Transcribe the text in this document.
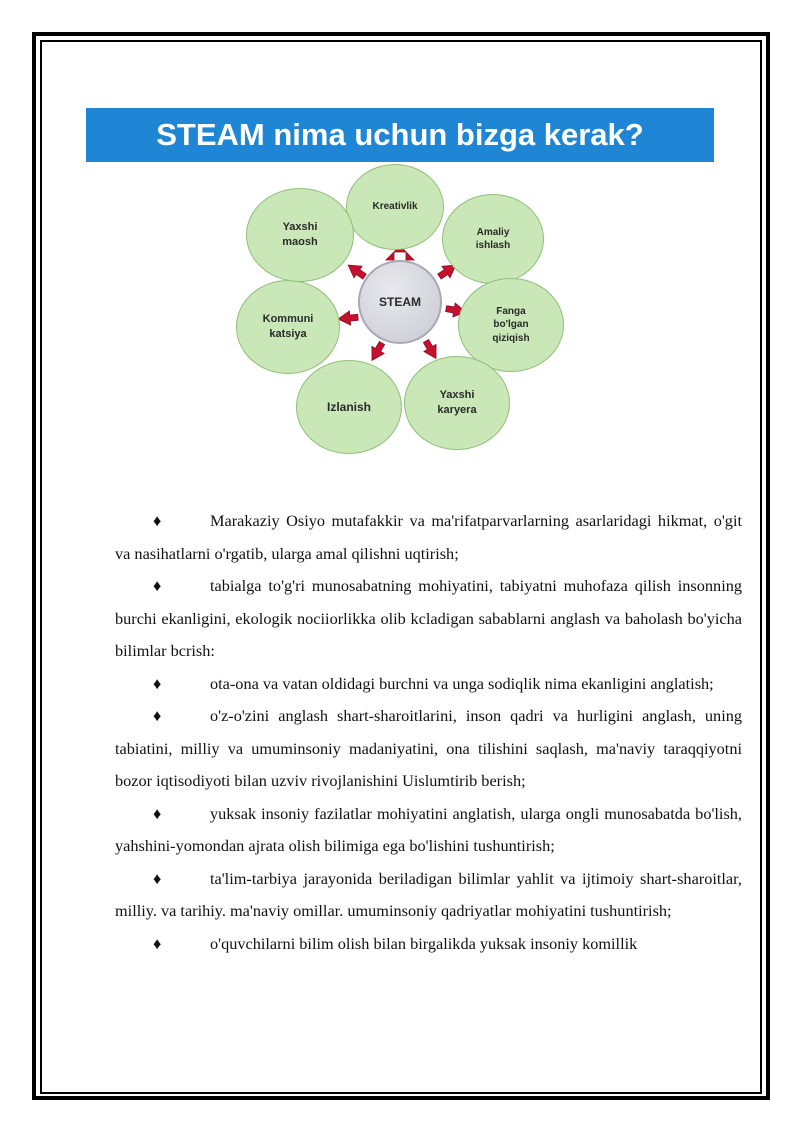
STEAM nima uchun bizga kerak?
STEAM
Kreativlik
Amaliy
ishlash
Fanga
bo'lgan
qiziqish
Yaxshi
karyera
Izlanish
Kommuni
katsiya
Yaxshi
maosh

♦	Marakaziy Osiyo mutafakkir va ma'rifatparvarlarning asarlaridagi hikmat, o'git va nasihatlarni o'rgatib, ularga amal qilishni uqtirish;

♦	tabialga to'g'ri munosabatning mohiyatini, tabiyatni muhofaza qilish insonning burchi ekanligini, ekologik nociiorlikka olib kcladigan sabablarni anglash va baholash bo'yicha bilimlar bcrish:

♦	ota-ona va vatan oldidagi burchni va unga sodiqlik nima ekanligini anglatish;

♦	o'z-o'zini anglash shart-sharoitlarini, inson qadri va hurligini anglash, uning tabiatini, milliy va umuminsoniy madaniyatini, ona tilishini saqlash, ma'naviy taraqqiyotni bozor iqtisodiyoti bilan uzviv rivojlanishini Uislumtirib berish;

♦	yuksak insoniy fazilatlar mohiyatini anglatish, ularga ongli munosabatda bo'lish, yahshini-yomondan ajrata olish bilimiga ega bo'lishini tushuntirish;

♦	ta'lim-tarbiya jarayonida beriladigan bilimlar yahlit va ijtimoiy shart-sharoitlar, milliy. va tarihiy. ma'naviy omillar. umuminsoniy qadriyatlar mohiyatini tushuntirish;

♦	o'quvchilarni bilim olish bilan birgalikda yuksak insoniy komillik
